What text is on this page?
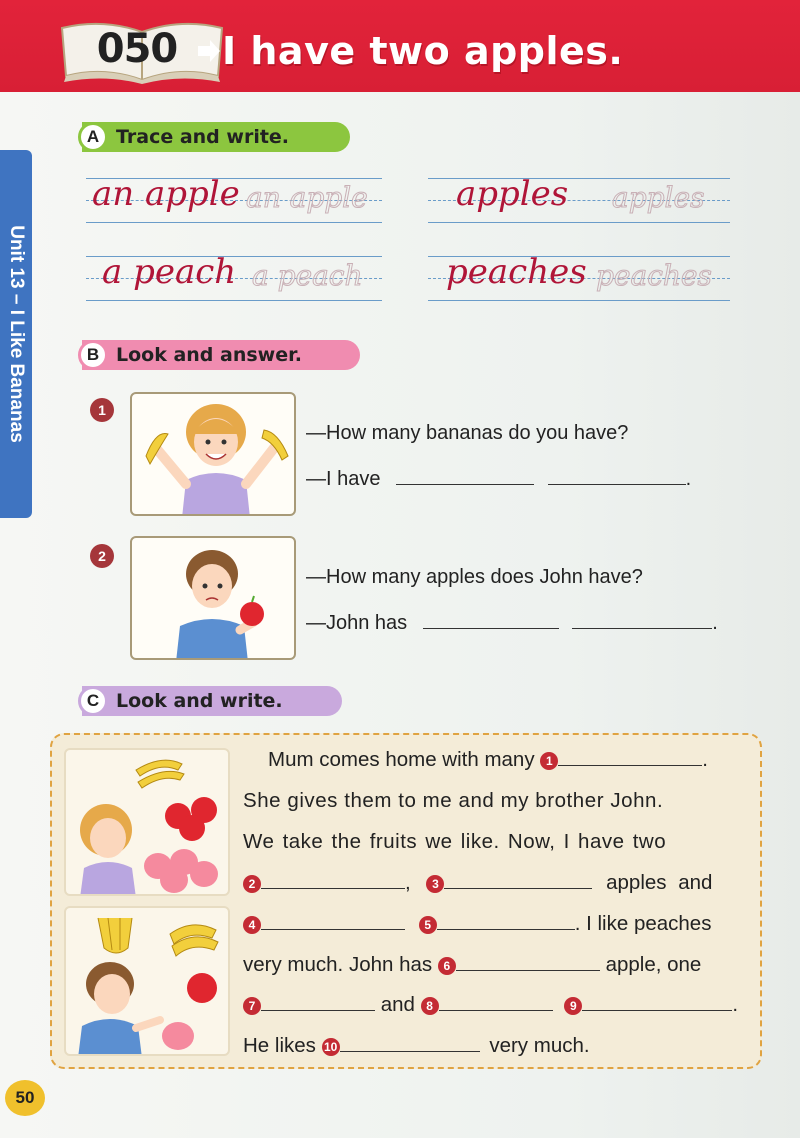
050 I have two apples.
Unit 13 – I Like Bananas
A Trace and write.
an apple an apple	apples apples
a peach a peach peaches peaches
B Look and answer.
1
—How many bananas do you have?
—I have	.
2
—How many apples does John have?
—John has	.
C Look and write.
Mum comes home with many 1	.
She gives them to me and my brother John.
We take the fruits we like. Now, I have two
2	, 3	apples and
4	5	. I like peaches
very much. John has 6	apple, one
7	and 8	9	.
He likes 10	very much.
50
